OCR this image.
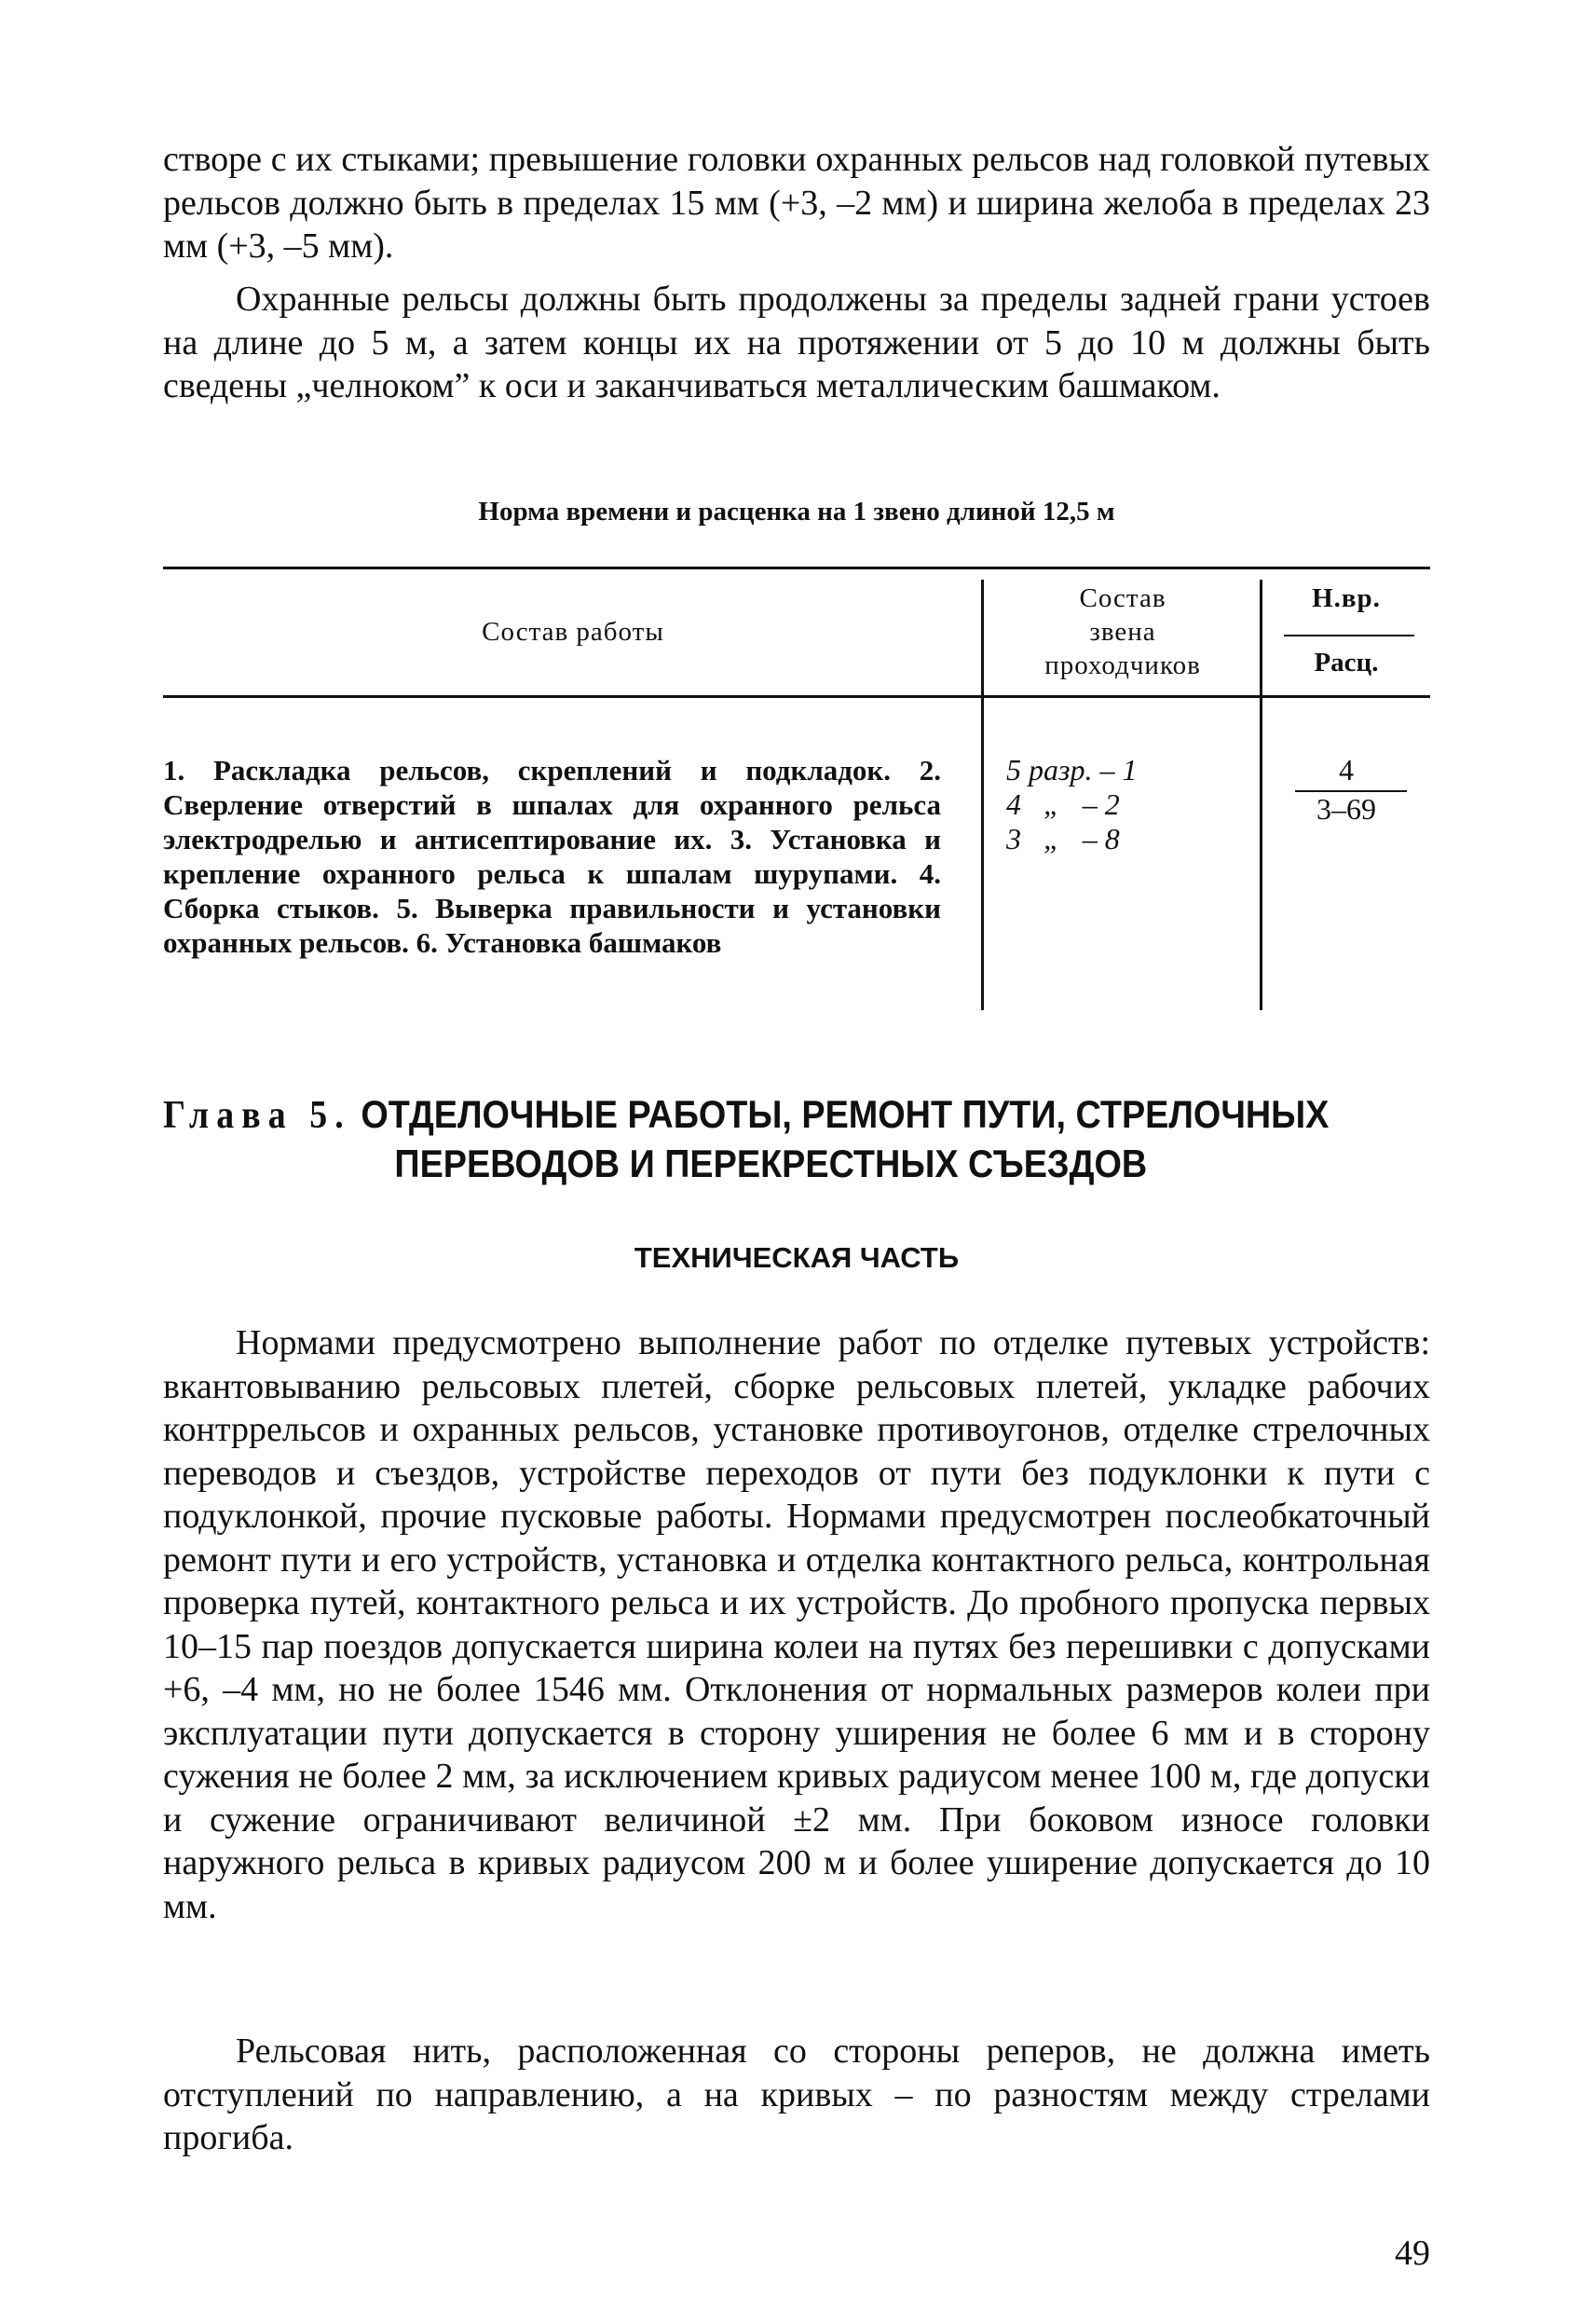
створе с их стыками; превышение головки охранных рельсов над головкой путевых рельсов должно быть в пределах 15 мм (+3, –2 мм) и ширина желоба в пределах 23 мм (+3, –5 мм).

Охранные рельсы должны быть продолжены за пределы задней грани устоев на длине до 5 м, а затем концы их на протяжении от 5 до 10 м должны быть сведены „челноком” к оси и заканчиваться металлическим башмаком.

Норма времени и расценка на 1 звено длиной 12,5 м
Состав работы
Состав
звена
проходчиков
Н.вр.
Расц.
1. Раскладка рельсов, скреплений и подкладок. 2. Сверление отверстий в шпалах для охранного рельса электродрелью и антисептирование их. 3. Установка и крепление охранного рельса к шпалам шурупами. 4. Сборка стыков. 5. Выверка правильности и установки охранных рельсов. 6. Установка башмаков
5 разр. – 1
4   „   – 2
3   „   – 8
4
3–69
Глава 5. ОТДЕЛОЧНЫЕ РАБОТЫ, РЕМОНТ ПУТИ, СТРЕЛОЧНЫХ
ПЕРЕВОДОВ И ПЕРЕКРЕСТНЫХ СЪЕЗДОВ
ТЕХНИЧЕСКАЯ ЧАСТЬ

Нормами предусмотрено выполнение работ по отделке путевых устройств: вкантовыванию рельсовых плетей, сборке рельсовых плетей, укладке рабочих контррельсов и охранных рельсов, установке противоугонов, отделке стрелочных переводов и съездов, устройстве переходов от пути без подуклонки к пути с подуклонкой, прочие пусковые работы. Нормами предусмотрен послеобкаточный ремонт пути и его устройств, установка и отделка контактного рельса, контрольная проверка путей, контактного рельса и их устройств. До пробного пропуска первых 10–15 пар поездов допускается ширина колеи на путях без перешивки с допусками +6, –4 мм, но не более 1546 мм. Отклонения от нормальных размеров колеи при эксплуатации пути допускается в сторону уширения не более 6 мм и в сторону сужения не более 2 мм, за исключением кривых радиусом менее 100 м, где допуски и сужение ограничивают величиной ±2 мм. При боковом износе головки наружного рельса в кривых радиусом 200 м и более уширение допускается до 10 мм.

Рельсовая нить, расположенная со стороны реперов, не должна иметь отступлений по направлению, а на кривых – по разностям между стрелами прогиба.

49
